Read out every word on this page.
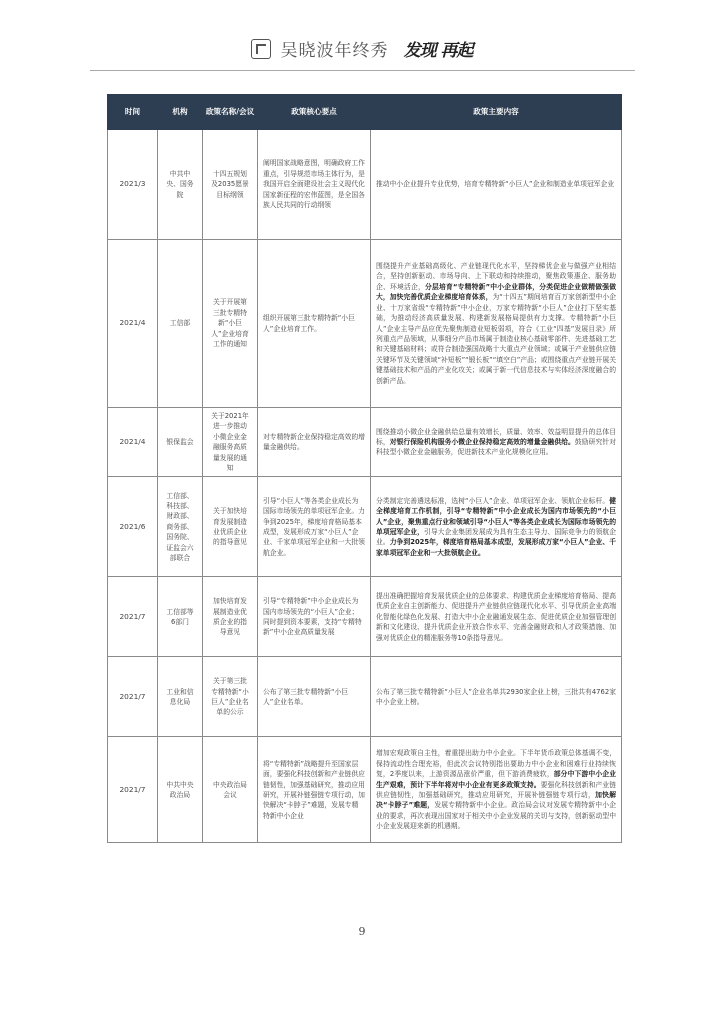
吴晓波年终秀 发现 再起
时间	机构	政策名称/会议	政策核心要点	政策主要内容
2021/3	中共中央、国务院	十四五规划及2035愿景目标纲领	阐明国家战略意图，明确政府工作重点，引导规范市场主体行为，是我国开启全面建设社会主义现代化国家新征程的宏伟蓝图，是全国各族人民共同的行动纲领	推动中小企业提升专业优势，培育专精特新“小巨人”企业和制造业单项冠军企业
2021/4	工信部	关于开展第三批专精特新“小巨人”企业培育工作的通知	组织开展第三批专精特新“小巨人”企业培育工作。	围绕提升产业基础高级化、产业链现代化水平，坚持梯优企业与做强产业相结合，坚持创新驱动、市场导向、上下联动和持续推动，聚焦政策惠企、服务助企、环境活企，分层培育“专精特新”中小企业群体，分类促进企业做精做强做大，加快完善优质企业梯度培育体系，为“十四五”期间培育百万家创新型中小企业、十万家省级“专精特新”中小企业，万家专精特新“小巨人”企业打下坚实基础，为推动经济高质量发展、构建新发展格局提供有力支撑。专精特新“小巨人”企业主导产品应优先聚焦制造业短板弱项，符合《工业“四基”发展目录》所列重点产品领域，从事细分产品市场属于制造业核心基础零部件、先进基础工艺和关键基础材料；或符合制造强国战略十大重点产业领域；或属于产业链供应链关键环节及关键领域“补短板”“锻长板”“填空白”产品；或围绕重点产业链开展关键基础技术和产品的产业化攻关；或属于新一代信息技术与实体经济深度融合的创新产品。
2021/4	银保监会	关于2021年进一步推动小微企业金融服务高质量发展的通知	对专精特新企业保持稳定高效的增量金融供给。	围绕推动小微企业金融供给总量有效增长，质量、效率、效益明显提升的总体目标，对银行保险机构服务小微企业保持稳定高效的增量金融供给。鼓励研究针对科技型小微企业金融服务，促进新技术产业化规模化应用。
2021/6	工信部、科技部、财政部、商务部、国务院、证监会六部联合	关于加快培育发展制造业优质企业的指导意见	引导“小巨人”等各类企业成长为国际市场领先的单项冠军企业。力争到2025年，梯度培育格局基本成型，发展形成万家“小巨人”企业、千家单项冠军企业和一大批领航企业。	分类制定完善遴选标准，选树“小巨人”企业、单项冠军企业、领航企业标杆。健全梯度培育工作机制，引导“专精特新”中小企业成长为国内市场领先的“小巨人”企业，聚焦重点行业和领域引导“小巨人”等各类企业成长为国际市场领先的单项冠军企业，引导大企业集团发展成为具有生态主导力、国际竞争力的领航企业。力争到2025年，梯度培育格局基本成型，发展形成万家“小巨人”企业、千家单项冠军企业和一大批领航企业。
2021/7	工信部等6部门	加快培育发展制造业优质企业的指导意见	引导“专精特新”中小企业成长为国内市场领先的“小巨人”企业；同时提到资本要素，支持“专精特新”中小企业高质量发展	提出准确把握培育发展优质企业的总体要求、构建优质企业梯度培育格局、提高优质企业自主创新能力、促进提升产业链供应链现代化水平、引导优质企业高端化智能化绿色化发展、打造大中小企业融通发展生态、促进优质企业加强管理创新和文化建设、提升优质企业开放合作水平、完善金融财政和人才政策措施、加强对优质企业的精准服务等10条指导意见。
2021/7	工业和信息化局	关于第三批专精特新“小巨人”企业名单的公示	公布了第三批专精特新“小巨人”企业名单。	公布了第三批专精特新“小巨人”企业名单共2930家企业上榜，三批共有4762家中小企业上榜。
2021/7	中共中央政治局	中央政治局会议	将“专精特新”战略提升至国家层面，要强化科技创新和产业链供应链韧性，加强基础研究，推动应用研究，开展补链强链专项行动，加快解决“卡脖子”难题，发展专精特新中小企业	增加宏观政策自主性，着重提出助力中小企业。下半年货币政策总体基调不变，保持流动性合理充裕，但此次会议特别指出要助力中小企业和困难行业持续恢复，2季度以来，上游资源品涨价严重，但下游消费疲软，部分中下游中小企业生产艰难，预计下半年将对中小企业有更多政策支持。要强化科技创新和产业链供应链韧性，加强基础研究，推动应用研究，开展补链强链专项行动，加快解决“卡脖子”难题，发展专精特新中小企业。政治局会议对发展专精特新中小企业的要求，再次表现出国家对于相关中小企业发展的关切与支持，创新驱动型中小企业发展迎来新的机遇期。
9
